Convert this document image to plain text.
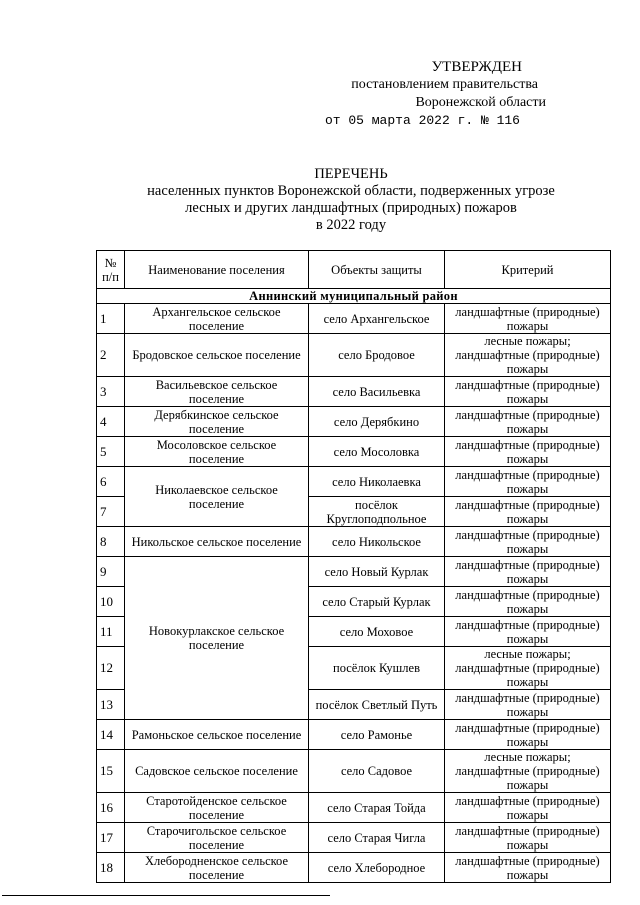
УТВЕРЖДЕН
постановлением правительства
Воронежской области
от 05 марта 2022 г. № 116
ПЕРЕЧЕНЬ
населенных пунктов Воронежской области, подверженных угрозе
лесных и других ландшафтных (природных) пожаров
в 2022 году
№ п/п	Наименование поселения	Объекты защиты	Критерий
Аннинский муниципальный район			
1	Архангельское сельское поселение	село Архангельское	ландшафтные (природные) пожары
2	Бродовское сельское поселение	село Бродовое	лесные пожары; ландшафтные (природные) пожары
3	Васильевское сельское поселение	село Васильевка	ландшафтные (природные) пожары
4	Дерябкинское сельское поселение	село Дерябкино	ландшафтные (природные) пожары
5	Мосоловское сельское поселение	село Мосоловка	ландшафтные (природные) пожары
6	Николаевское сельское поселение	село Николаевка	ландшафтные (природные) пожары
7		посёлок Круглоподпольное	ландшафтные (природные) пожары
8	Никольское сельское поселение	село Никольское	ландшафтные (природные) пожары
9	Новокурлакское сельское поселение	село Новый Курлак	ландшафтные (природные) пожары
10		село Старый Курлак	ландшафтные (природные) пожары
11		село Моховое	ландшафтные (природные) пожары
12		посёлок Кушлев	лесные пожары; ландшафтные (природные) пожары
13		посёлок Светлый Путь	ландшафтные (природные) пожары
14	Рамоньское сельское поселение	село Рамонье	ландшафтные (природные) пожары
15	Садовское сельское поселение	село Садовое	лесные пожары; ландшафтные (природные) пожары
16	Старотойденское сельское поселение	село Старая Тойда	ландшафтные (природные) пожары
17	Старочигольское сельское поселение	село Старая Чигла	ландшафтные (природные) пожары
18	Хлебородненское сельское поселение	село Хлебородное	ландшафтные (природные) пожары
